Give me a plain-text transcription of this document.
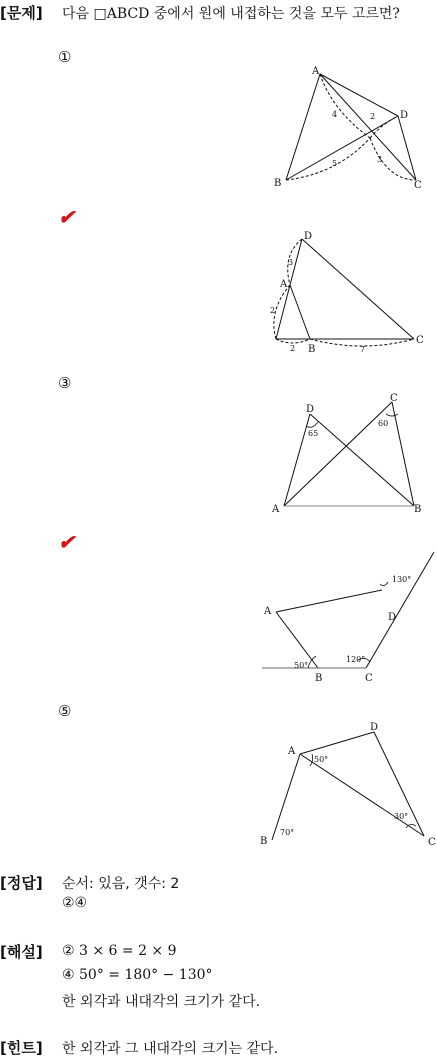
[문제] 다음 □ABCD 중에서 원에 내접하는 것을 모두 고르면?
①
A
B	C
D
4	2
5	3
✔
D
A
B
C
3
2
2	7
③
D
C
A	B
65
60
✔
A
B	C
D
130°
50°
120°
⑤
A
D
B	C
50°
30°
70°
[정답] 순서: 있음, 갯수: 2
②④
[해설] ② 3 × 6 = 2 × 9
④ 50° = 180° − 130°
한 외각과 내대각의 크기가 같다.
[힌트] 한 외각과 그 내대각의 크기는 같다.
